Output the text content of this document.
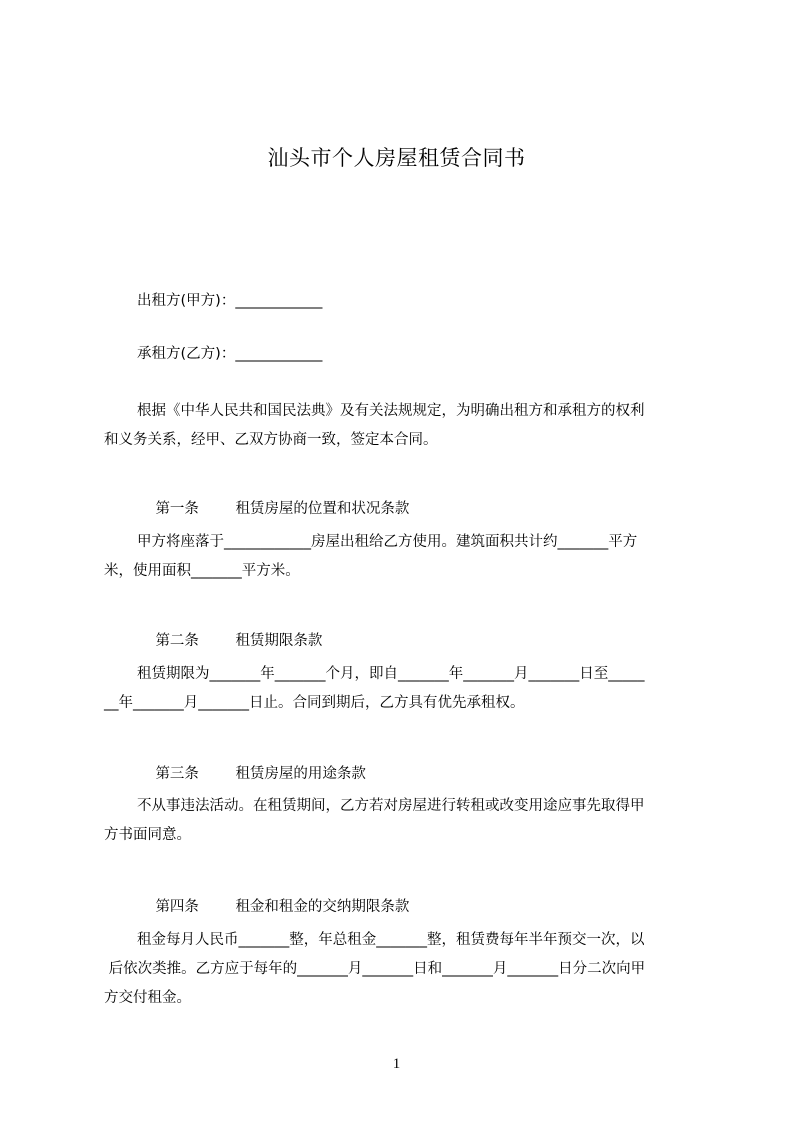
汕头市个人房屋租赁合同书
出租方(甲方)：____________
承租方(乙方)：____________

根据《中华人民共和国民法典》及有关法规规定，为明确出租方和承租方的权利

和义务关系，经甲、乙双方协商一致，签定本合同。

第一条	租赁房屋的位置和状况条款

甲方将座落于____________房屋出租给乙方使用。建筑面积共计约_______平方

米，使用面积_______平方米。

第二条	租赁期限条款

租赁期限为_______年_______个月，即自_______年_______月_______日至_____

__年_______月_______日止。合同到期后，乙方具有优先承租权。

第三条	租赁房屋的用途条款

不从事违法活动。在租赁期间，乙方若对房屋进行转租或改变用途应事先取得甲

方书面同意。

第四条	租金和租金的交纳期限条款

租金每月人民币_______整，年总租金_______整，租赁费每年半年预交一次，以

后依次类推。乙方应于每年的_______月_______日和_______月_______日分二次向甲

方交付租金。

1
